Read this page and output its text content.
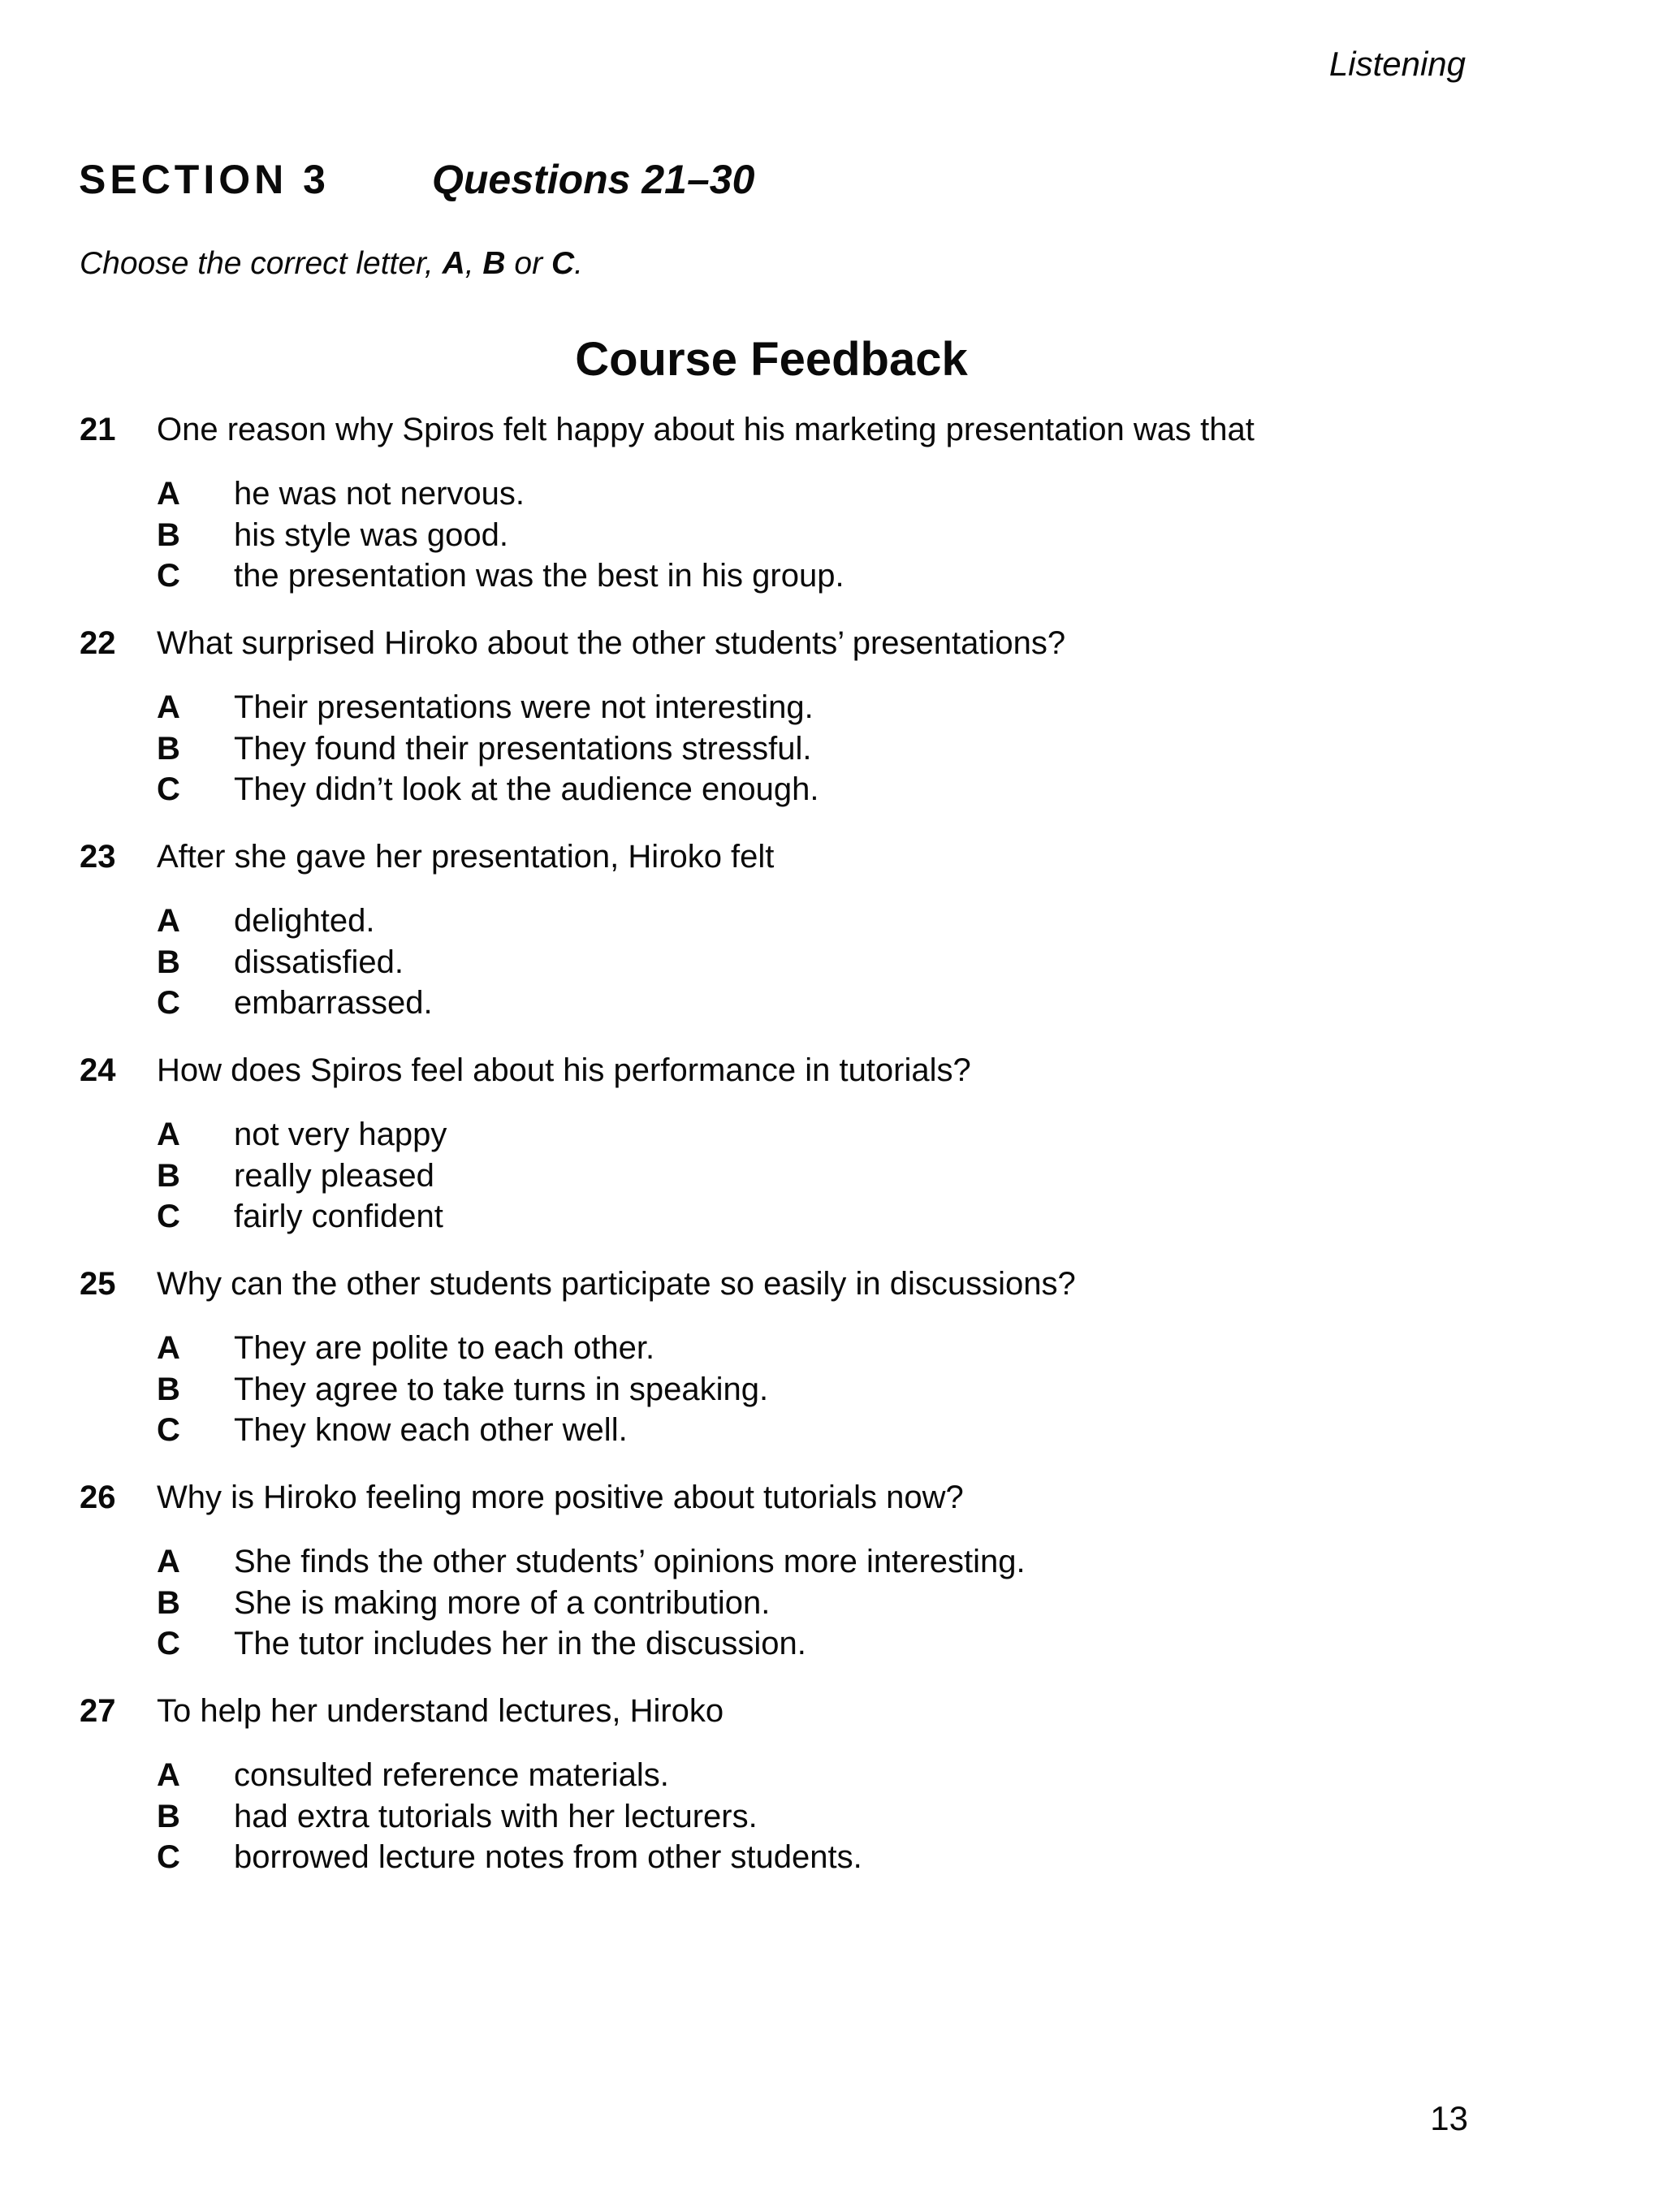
Listening
SECTION 3	Questions 21–30
Choose the correct letter, A, B or C.
Course Feedback
21 One reason why Spiros felt happy about his marketing presentation was that
A	he was not nervous.
B	his style was good.
C	the presentation was the best in his group.
22 What surprised Hiroko about the other students’ presentations?
A	Their presentations were not interesting.
B	They found their presentations stressful.
C	They didn’t look at the audience enough.
23 After she gave her presentation, Hiroko felt
A	delighted.
B	dissatisfied.
C	embarrassed.
24 How does Spiros feel about his performance in tutorials?
A	not very happy
B	really pleased
C	fairly confident
25 Why can the other students participate so easily in discussions?
A	They are polite to each other.
B	They agree to take turns in speaking.
C	They know each other well.
26 Why is Hiroko feeling more positive about tutorials now?
A	She finds the other students’ opinions more interesting.
B	She is making more of a contribution.
C	The tutor includes her in the discussion.
27 To help her understand lectures, Hiroko
A	consulted reference materials.
B	had extra tutorials with her lecturers.
C	borrowed lecture notes from other students.
13
